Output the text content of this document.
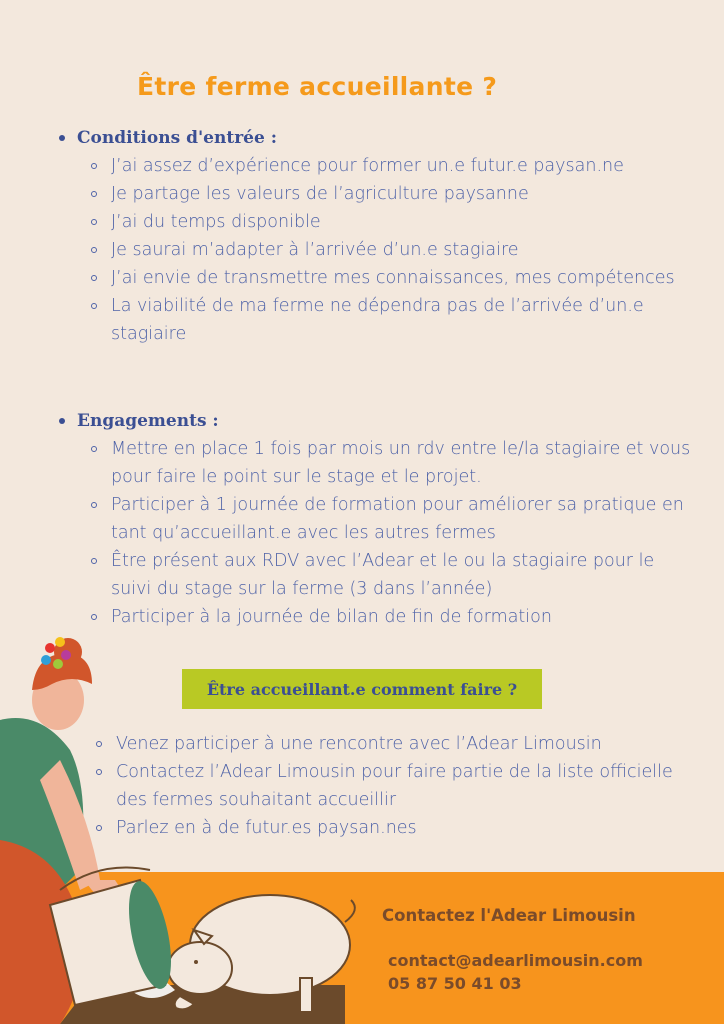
Être ferme accueillante ?
Conditions d'entrée :
J’ai assez d’expérience pour former un.e futur.e paysan.ne
Je partage les valeurs de l’agriculture paysanne
J’ai du temps disponible
Je saurai m’adapter à l’arrivée d’un.e stagiaire
J’ai envie de transmettre mes connaissances, mes compétences
La viabilité de ma ferme ne dépendra pas de l’arrivée d’un.e stagiaire
Engagements :
Mettre en place 1 fois par mois un rdv entre le/la stagiaire et vous pour faire le point sur le stage et le projet.
Participer à 1 journée de formation pour améliorer sa pratique en tant qu’accueillant.e avec les autres fermes
Être présent aux RDV avec l’Adear et le ou la stagiaire pour le suivi du stage sur la ferme (3 dans l’année)
Participer à la journée de bilan de fin de formation
Être accueillant.e comment faire ?
Venez participer à une rencontre avec l’Adear Limousin
Contactez l’Adear Limousin pour faire partie de la liste officielle des fermes souhaitant accueillir
Parlez en à de futur.es paysan.nes
Contactez l'Adear Limousin
contact@adearlimousin.com
05 87 50 41 03
